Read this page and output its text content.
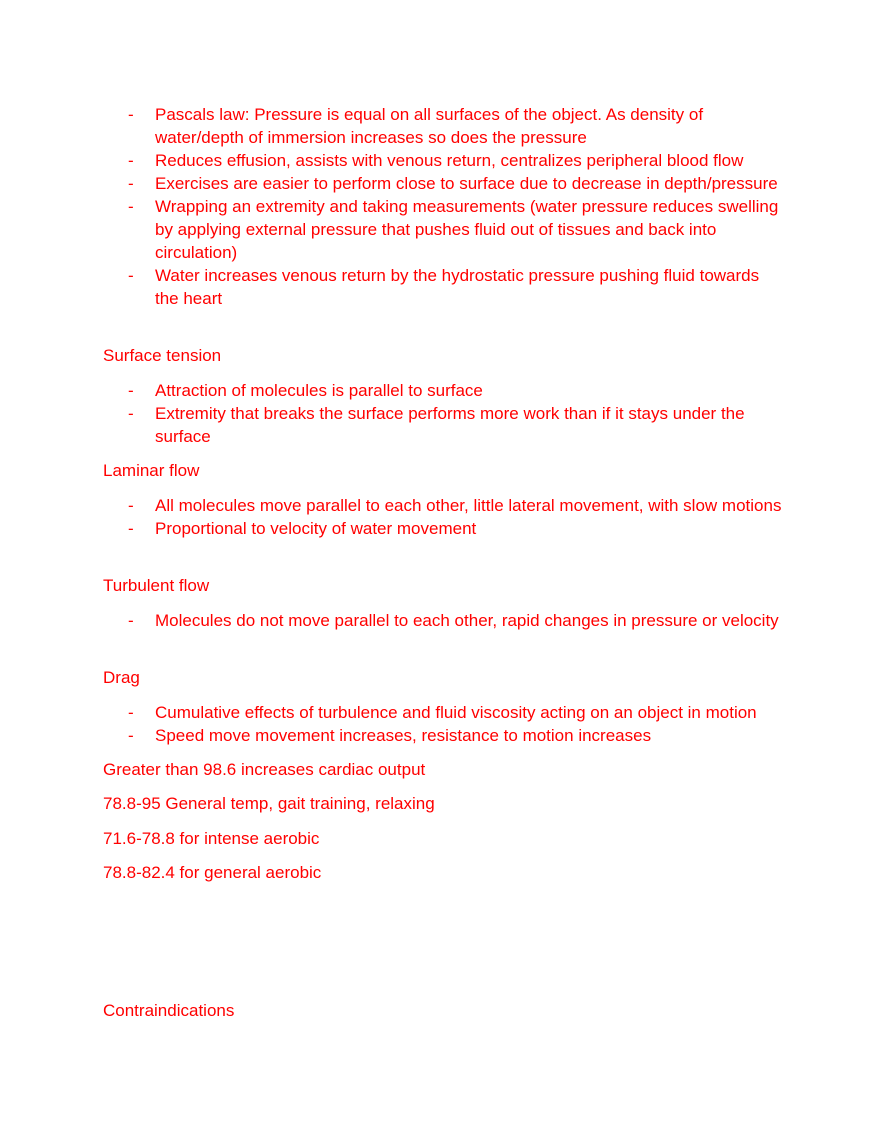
- Pascals law: Pressure is equal on all surfaces of the object. As density of water/depth of immersion increases so does the pressure
- Reduces effusion, assists with venous return, centralizes peripheral blood flow
- Exercises are easier to perform close to surface due to decrease in depth/pressure
- Wrapping an extremity and taking measurements (water pressure reduces swelling by applying external pressure that pushes fluid out of tissues and back into circulation)
- Water increases venous return by the hydrostatic pressure pushing fluid towards the heart

Surface tension

- Attraction of molecules is parallel to surface
- Extremity that breaks the surface performs more work than if it stays under the surface

Laminar flow

- All molecules move parallel to each other, little lateral movement, with slow motions
- Proportional to velocity of water movement

Turbulent flow

- Molecules do not move parallel to each other, rapid changes in pressure or velocity

Drag

- Cumulative effects of turbulence and fluid viscosity acting on an object in motion
- Speed move movement increases, resistance to motion increases

Greater than 98.6 increases cardiac output

78.8-95 General temp, gait training, relaxing

71.6-78.8 for intense aerobic

78.8-82.4 for general aerobic

Contraindications
